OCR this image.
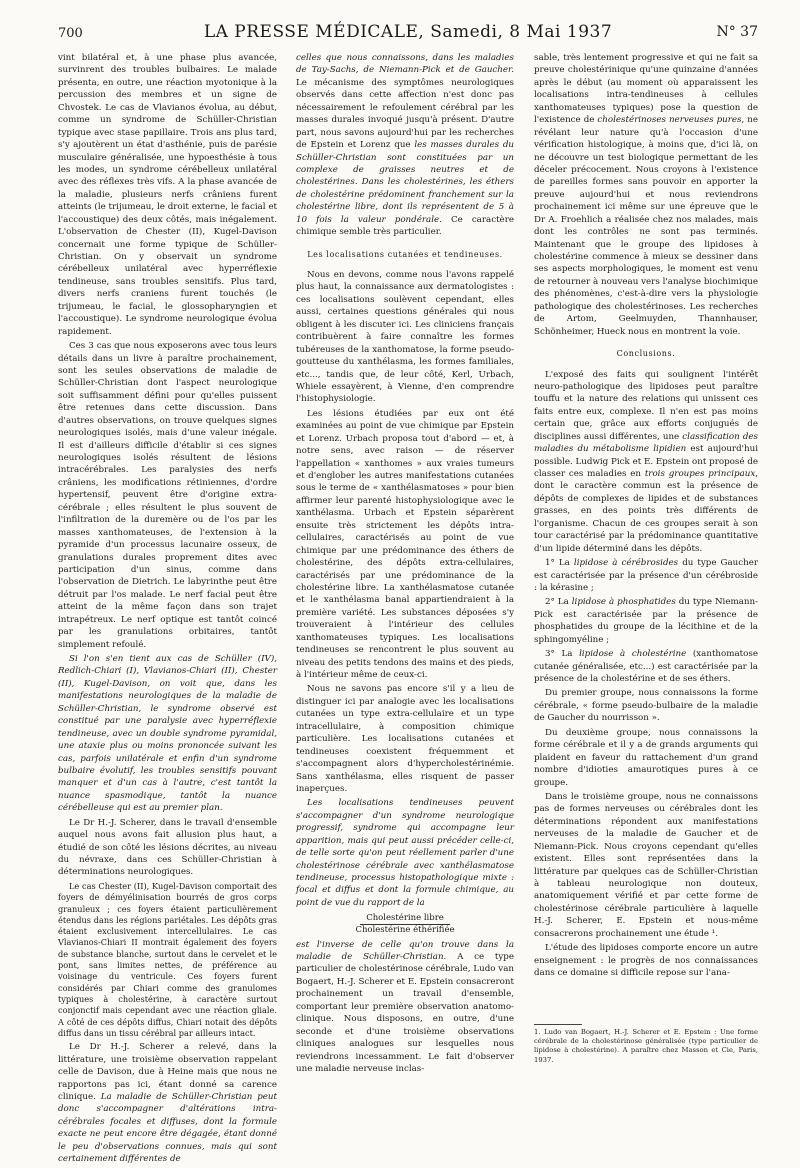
700	LA PRESSE MÉDICALE, Samedi, 8 Mai 1937	N° 37

vint bilatéral et, à une phase plus avancée, survinrent des troubles bulbaires. Le malade présenta, en outre, une réaction myotonique à la percussion des membres et un signe de Chvostek. Le cas de Vlavianos évolua, au début, comme un syndrome de Schüller-Christian typique avec stase papillaire. Trois ans plus tard, s'y ajoutèrent un état d'asthénie, puis de parésie musculaire généralisée, une hypoesthésie à tous les modes, un syndrome cérébelleux unilatéral avec des réflexes très vifs. A la phase avancée de la maladie, plusieurs nerfs crâniens furent atteints (le trijumeau, le droit externe, le facial et l'accoustique) des deux côtés, mais inégalement. L'observation de Chester (II), Kugel-Davison concernait une forme typique de Schüller-Christian. On y observait un syndrome cérébelleux unilatéral avec hyperréflexie tendineuse, sans troubles sensitifs. Plus tard, divers nerfs craniens furent touchés (le trijumeau, le facial, le glossopharyngien et l'accoustique). Le syndrome neurologique évolua rapidement.

Ces 3 cas que nous exposerons avec tous leurs détails dans un livre à paraître prochainement, sont les seules observations de maladie de Schüller-Christian dont l'aspect neurologique soit suffisamment défini pour qu'elles puissent être retenues dans cette discussion. Dans d'autres observations, on trouve quelques signes neurologiques isolés, mais d'une valeur inégale. Il est d'ailleurs difficile d'établir si ces signes neurologiques isolés résultent de lésions intracérébrales. Les paralysies des nerfs crâniens, les modifications rétiniennes, d'ordre hypertensif, peuvent être d'origine extra-cérébrale ; elles résultent le plus souvent de l'infiltration de la duremère ou de l'os par les masses xanthomateuses, de l'extension à la pyramide d'un processus lacunaire osseux, de granulations durales proprement dites avec participation d'un sinus, comme dans l'observation de Dietrich. Le labyrinthe peut être détruit par l'os malade. Le nerf facial peut être atteint de la même façon dans son trajet intrapétreux. Le nerf optique est tantôt coincé par les granulations orbitaires, tantôt simplement refoulé.

Si l'on s'en tient aux cas de Schüller (IV), Redlich-Chiari (I), Vlavianos-Chiari (II), Chester (II), Kugel-Davison, on voit que, dans les manifestations neurologiques de la maladie de Schüller-Christian, le syndrome observé est constitué par une paralysie avec hyperréflexie tendineuse, avec un double syndrome pyramidal, une ataxie plus ou moins prononcée suivant les cas, parfois unilatérale et enfin d'un syndrome bulbaire évolutif, les troubles sensitifs pouvant manquer et d'un cas à l'autre, c'est tantôt la nuance spasmodique, tantôt la nuance cérébelleuse qui est au premier plan.

Le Dr H.-J. Scherer, dans le travail d'ensemble auquel nous avons fait allusion plus haut, a étudié de son côté les lésions décrites, au niveau du névraxe, dans ces Schüller-Christian à déterminations neurologiques.

Le cas Chester (II), Kugel-Davison comportait des foyers de démyélinisation bourrés de gros corps granuleux ; ces foyers étaient particulièrement étendus dans les régions pariétales. Les dépôts gras étaient exclusivement intercellulaires. Le cas Vlavianos-Chiari II montrait également des foyers de substance blanche, surtout dans le cervelet et le pont, sans limites nettes, de préférence au voisinage du ventricule. Ces foyers furent considérés par Chiari comme des granulomes typiques à cholestérine, à caractère surtout conjonctif mais cependant avec une réaction gliale. A côté de ces dépôts diffus, Chiari notait des dépôts diffus dans un tissu cérébral par ailleurs intact.

Le Dr H.-J. Scherer a relevé, dans la littérature, une troisième observation rappelant celle de Davison, due à Heine mais que nous ne rapportons pas ici, étant donné sa carence clinique. La maladie de Schüller-Christian peut donc s'accompagner d'altérations intra-cérébrales focales et diffuses, dont la formule exacte ne peut encore être dégagée, étant donné le peu d'observations connues, mais qui sont certainement différentes de

celles que nous connaissons, dans les maladies de Tay-Sachs, de Niemann-Pick et de Gaucher. Le mécanisme des symptômes neurologiques observés dans cette affection n'est donc pas nécessairement le refoulement cérébral par les masses durales invoqué jusqu'à présent. D'autre part, nous savons aujourd'hui par les recherches de Epstein et Lorenz que les masses durales du Schüller-Christian sont constituées par un complexe de graisses neutres et de cholestérines. Dans les cholestérines, les éthers de cholestérine prédominent franchement sur la cholestérine libre, dont ils représentent de 5 à 10 fois la valeur pondérale. Ce caractère chimique semble très particulier.

Les localisations cutanées et tendineuses.

Nous en devons, comme nous l'avons rappelé plus haut, la connaissance aux dermatologistes : ces localisations soulèvent cependant, elles aussi, certaines questions générales qui nous obligent à les discuter ici. Les cliniciens français contribuèrent à faire connaître les formes tubéreuses de la xanthomatose, la forme pseudo-goutteuse du xanthélasma, les formes familiales, etc..., tandis que, de leur côté, Kerl, Urbach, Whiele essayèrent, à Vienne, d'en comprendre l'histophysiologie.

Les lésions étudiées par eux ont été examinées au point de vue chimique par Epstein et Lorenz. Urbach proposa tout d'abord — et, à notre sens, avec raison — de réserver l'appellation « xanthomes » aux vraies tumeurs et d'englober les autres manifestations cutanées sous le terme de « xanthélasmatoses » pour bien affirmer leur parenté histophysiologique avec le xanthélasma. Urbach et Epstein séparèrent ensuite très strictement les dépôts intra-cellulaires, caractérisés au point de vue chimique par une prédominance des éthers de cholestérine, des dépôts extra-cellulaires, caractérisés par une prédominance de la cholestérine libre. La xanthélasmatose cutanée et le xanthélasma banal appartiendraient à la première variété. Les substances déposées s'y trouveraient à l'intérieur des cellules xanthomateuses typiques. Les localisations tendineuses se rencontrent le plus souvent au niveau des petits tendons des mains et des pieds, à l'intérieur même de ceux-ci.

Nous ne savons pas encore s'il y a lieu de distinguer ici par analogie avec les localisations cutanées un type extra-cellulaire et un type intracellulaire, à composition chimique particulière. Les localisations cutanées et tendineuses coexistent fréquemment et s'accompagnent alors d'hypercholestérinémie. Sans xanthélasma, elles risquent de passer inaperçues.

Les localisations tendineuses peuvent s'accompagner d'un syndrome neurologique progressif, syndrome qui accompagne leur apparition, mais qui peut aussi précéder celle-ci, de telle sorte qu'on peut réellement parler d'une cholestérinose cérébrale avec xanthélasmatose tendineuse, processus histopathologique mixte : focal et diffus et dont la formule chimique, au point de vue du rapport de la

Cholestérine libre
Cholestérine éthérifiée

est l'inverse de celle qu'on trouve dans la maladie de Schüller-Christian. A ce type particulier de cholestérinose cérébrale, Ludo van Bogaert, H.-J. Scherer et E. Epstein consacreront prochainement un travail d'ensemble, comportant leur première observation anatomo-clinique. Nous disposons, en outre, d'une seconde et d'une troisième observations cliniques analogues sur lesquelles nous reviendrons incessamment. Le fait d'observer une maladie nerveuse inclas-

sable, très lentement progressive et qui ne fait sa preuve cholestérinique qu'une quinzaine d'années après le début (au moment où apparaissent les localisations intra-tendineuses à cellules xanthomateuses typiques) pose la question de l'existence de cholestérinoses nerveuses pures, ne révélant leur nature qu'à l'occasion d'une vérification histologique, à moins que, d'ici là, on ne découvre un test biologique permettant de les déceler précocement. Nous croyons à l'existence de pareilles formes sans pouvoir en apporter la preuve aujourd'hui et nous reviendrons prochainement ici même sur une épreuve que le Dr A. Froehlich a réalisée chez nos malades, mais dont les contrôles ne sont pas terminés. Maintenant que le groupe des lipidoses à cholestérine commence à mieux se dessiner dans ses aspects morphologiques, le moment est venu de retourner à nouveau vers l'analyse biochimique des phénomènes, c'est-à-dire vers la physiologie pathologique des cholestérinoses. Les recherches de Artom, Geelmuyden, Thannhauser, Schönheimer, Hueck nous en montrent la voie.

Conclusions.

L'exposé des faits qui soulignent l'intérêt neuro-pathologique des lipidoses peut paraître touffu et la nature des relations qui unissent ces faits entre eux, complexe. Il n'en est pas moins certain que, grâce aux efforts conjugués de disciplines aussi différentes, une classification des maladies du métabolisme lipidien est aujourd'hui possible. Ludwig Pick et E. Epstein ont proposé de classer ces maladies en trois groupes principaux, dont le caractère commun est la présence de dépôts de complexes de lipides et de substances grasses, en des points très différents de l'organisme. Chacun de ces groupes serait à son tour caractérisé par la prédominance quantitative d'un lipide déterminé dans les dépôts.

1° La lipidose à cérébrosides du type Gaucher est caractérisée par la présence d'un cérébroside : la kérasine ;

2° La lipidose à phosphatides du type Niemann-Pick est caractérisée par la présence de phosphatides du groupe de la lécithine et de la sphingomyéline ;

3° La lipidose à cholestérine (xanthomatose cutanée généralisée, etc...) est caractérisée par la présence de la cholestérine et de ses éthers.

Du premier groupe, nous connaissons la forme cérébrale, « forme pseudo-bulbaire de la maladie de Gaucher du nourrisson ».

Du deuxième groupe, nous connaissons la forme cérébrale et il y a de grands arguments qui plaident en faveur du rattachement d'un grand nombre d'idioties amaurotiques pures à ce groupe.

Dans le troisième groupe, nous ne connaissons pas de formes nerveuses ou cérébrales dont les déterminations répondent aux manifestations nerveuses de la maladie de Gaucher et de Niemann-Pick. Nous croyons cependant qu'elles existent. Elles sont représentées dans la littérature par quelques cas de Schüller-Christian à tableau neurologique non douteux, anatomiquement vérifié et par cette forme de cholestérinose cérébrale particulière à laquelle H.-J. Scherer, E. Epstein et nous-même consacrerons prochainement une étude ¹.

L'étude des lipidoses comporte encore un autre enseignement : le progrès de nos connaissances dans ce domaine si difficile repose sur l'ana-

1. Ludo van Bogaert, H.-J. Scherer et E. Epstein : Une forme cérébrale de la cholestérinose généralisée (type particulier de lipidose à cholestérine). A paraître chez Masson et Cie, Paris, 1937.
